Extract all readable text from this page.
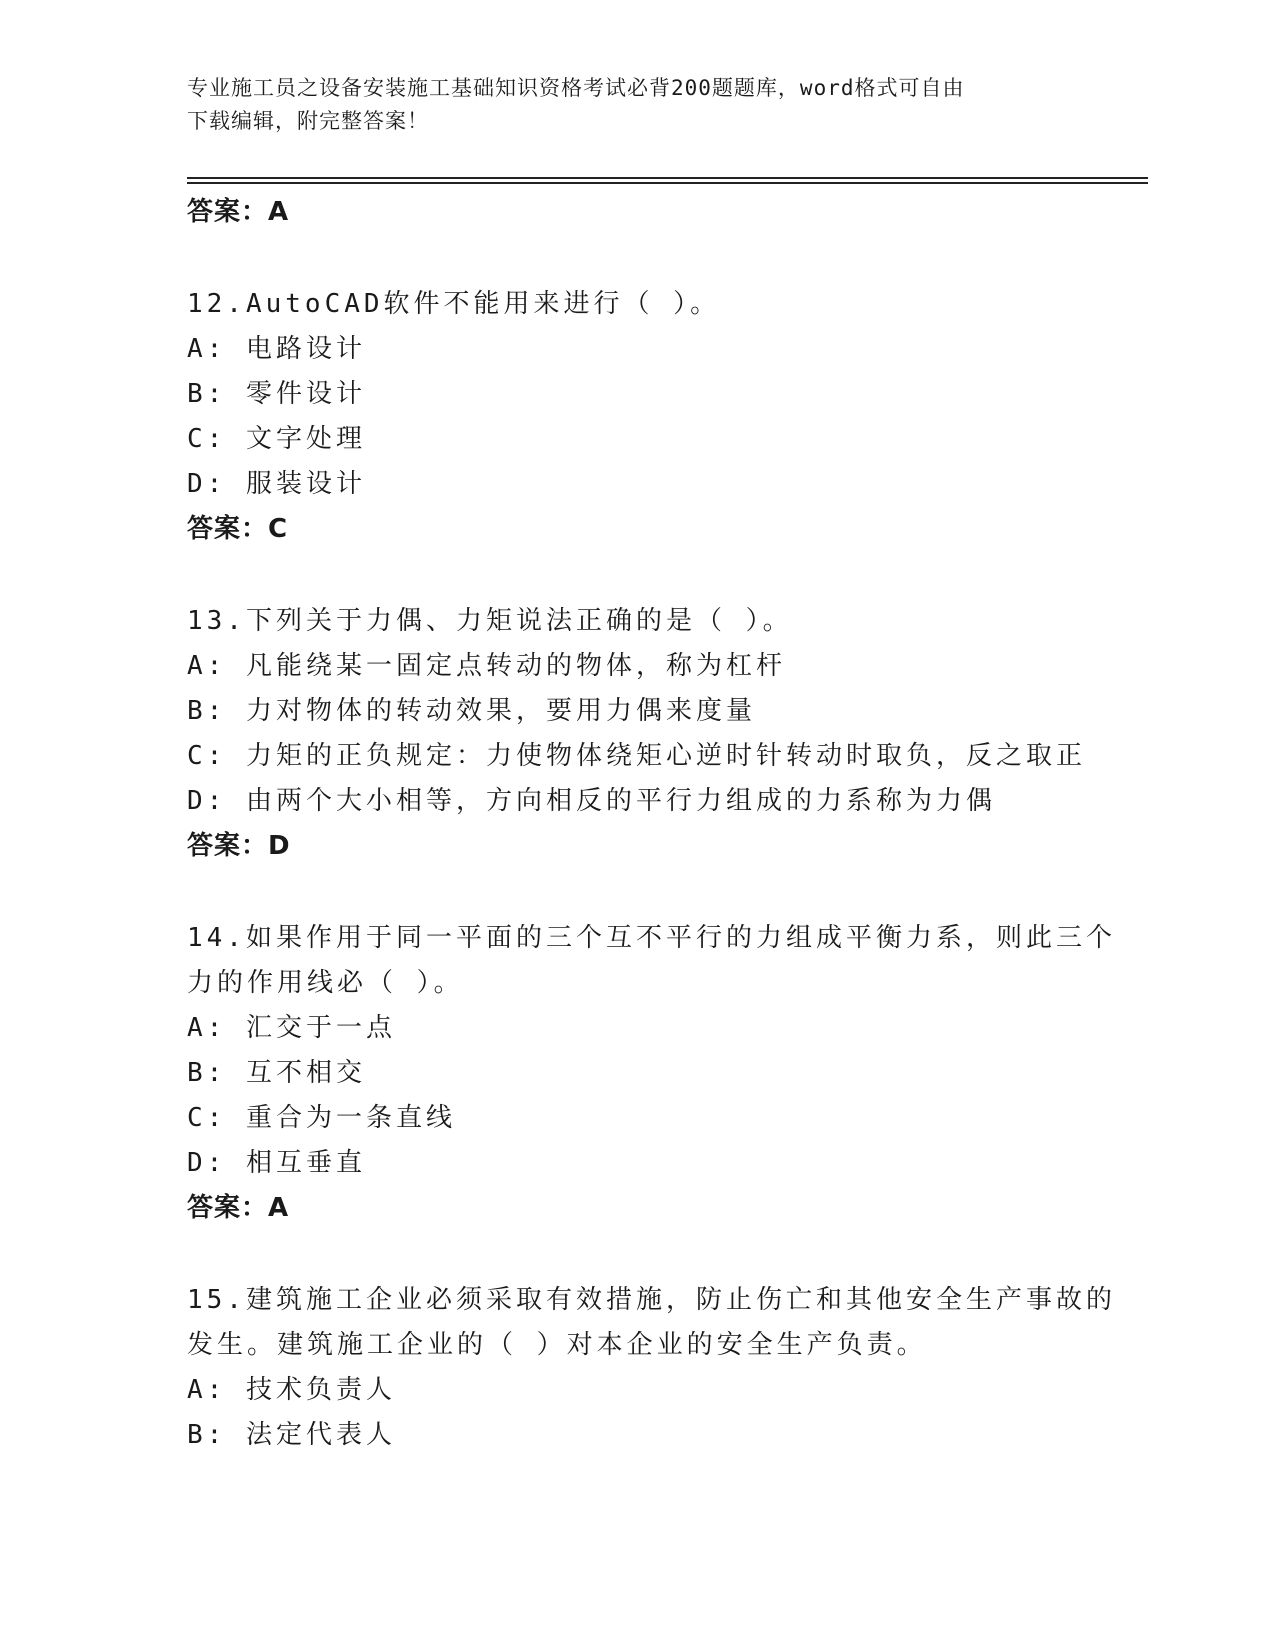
专业施工员之设备安装施工基础知识资格考试必背200题题库，word格式可自由
下载编辑，附完整答案！
答案：A
12.AutoCAD软件不能用来进行（ ）。
A: 电路设计
B: 零件设计
C: 文字处理
D: 服装设计
答案：C
13.下列关于力偶、力矩说法正确的是（ ）。
A: 凡能绕某一固定点转动的物体，称为杠杆
B: 力对物体的转动效果，要用力偶来度量
C: 力矩的正负规定：力使物体绕矩心逆时针转动时取负，反之取正
D: 由两个大小相等，方向相反的平行力组成的力系称为力偶
答案：D
14.如果作用于同一平面的三个互不平行的力组成平衡力系，则此三个
力的作用线必（ ）。
A: 汇交于一点
B: 互不相交
C: 重合为一条直线
D: 相互垂直
答案：A
15.建筑施工企业必须采取有效措施，防止伤亡和其他安全生产事故的
发生。建筑施工企业的（ ）对本企业的安全生产负责。
A: 技术负责人
B: 法定代表人
